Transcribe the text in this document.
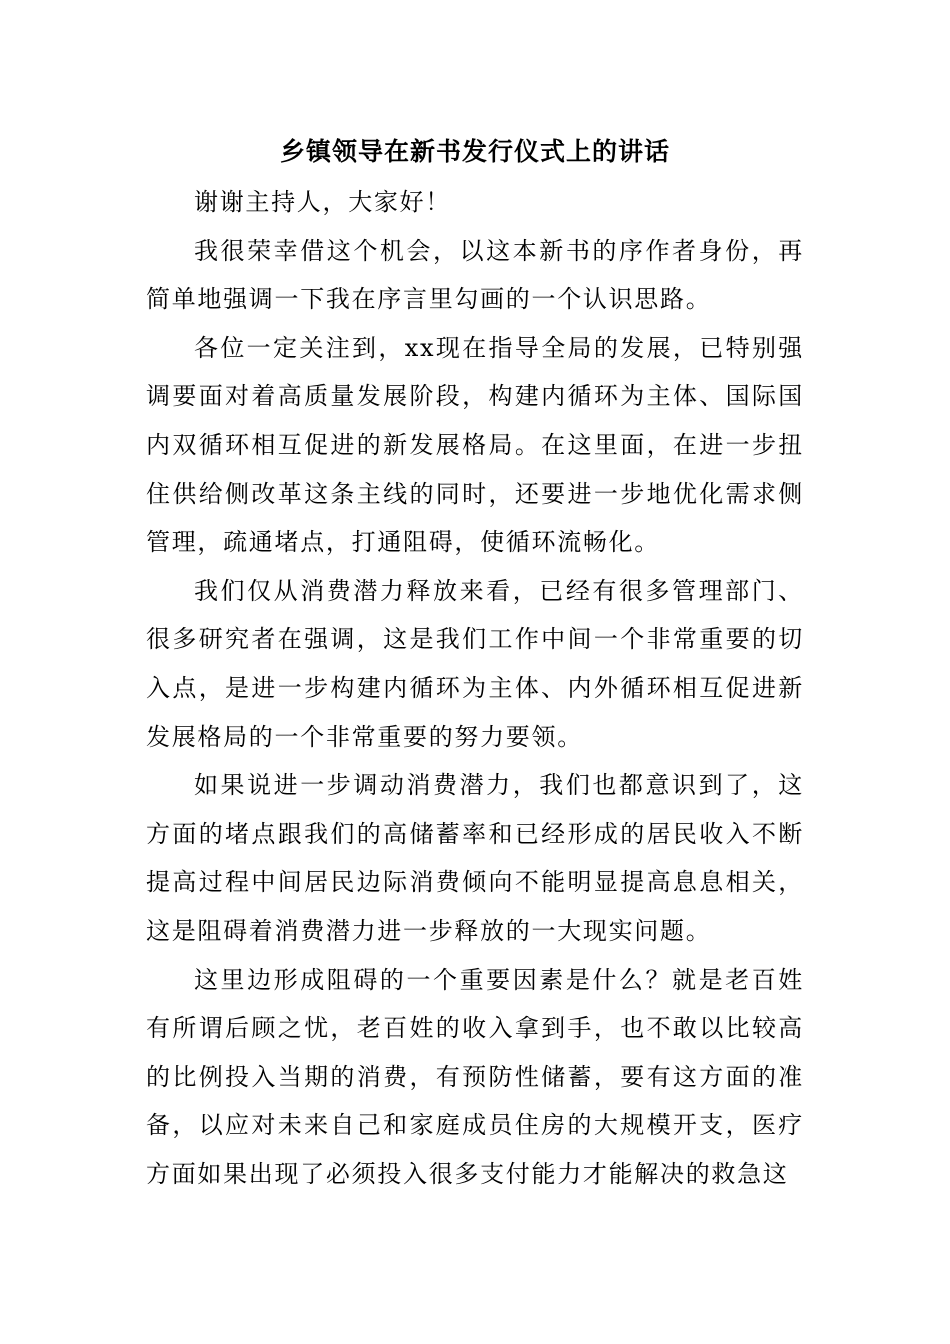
乡镇领导在新书发行仪式上的讲话

谢谢主持人，大家好！

我很荣幸借这个机会，以这本新书的序作者身份，再简单地强调一下我在序言里勾画的一个认识思路。

各位一定关注到，xx现在指导全局的发展，已特别强调要面对着高质量发展阶段，构建内循环为主体、国际国内双循环相互促进的新发展格局。在这里面，在进一步扭住供给侧改革这条主线的同时，还要进一步地优化需求侧管理，疏通堵点，打通阻碍，使循环流畅化。

我们仅从消费潜力释放来看，已经有很多管理部门、很多研究者在强调，这是我们工作中间一个非常重要的切入点，是进一步构建内循环为主体、内外循环相互促进新发展格局的一个非常重要的努力要领。

如果说进一步调动消费潜力，我们也都意识到了，这方面的堵点跟我们的高储蓄率和已经形成的居民收入不断提高过程中间居民边际消费倾向不能明显提高息息相关，这是阻碍着消费潜力进一步释放的一大现实问题。

这里边形成阻碍的一个重要因素是什么？就是老百姓有所谓后顾之忧，老百姓的收入拿到手，也不敢以比较高的比例投入当期的消费，有预防性储蓄，要有这方面的准备，以应对未来自己和家庭成员住房的大规模开支，医疗方面如果出现了必须投入很多支付能力才能解决的救急这
